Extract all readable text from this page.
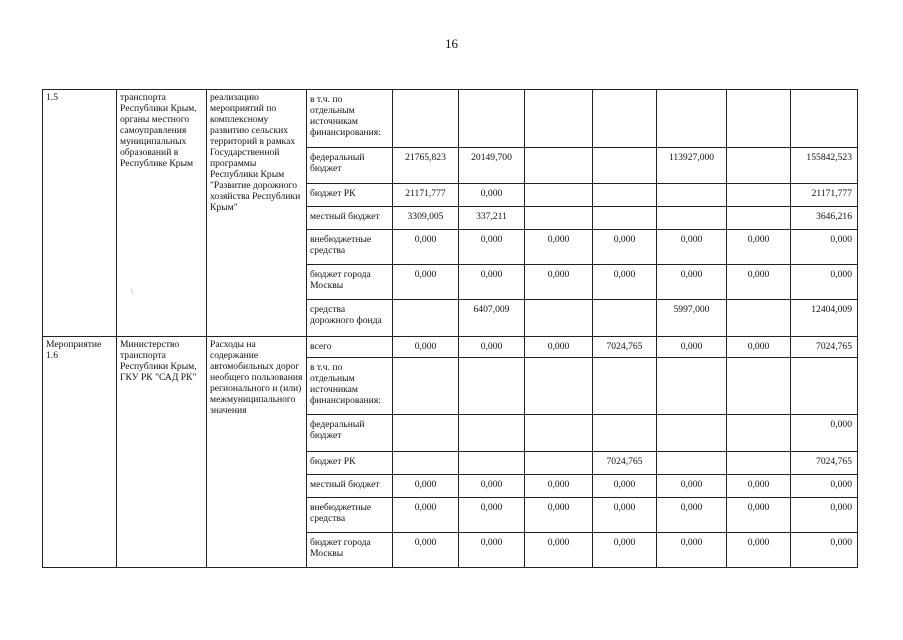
16
1.5	транспорта Республики Крым, органы местного самоуправления муниципальных образований в Республике Крым	реализацию мероприятий по комплексному развитию сельских территорий в рамках Государственной программы Республики Крым "Развитие дорожного хозяйства Республики Крым"	в т.ч. по отдельным источникам финансирования:							
			федеральный бюджет	21765,823	20149,700			113927,000		155842,523
			бюджет РК	21171,777	0,000					21171,777
			местный бюджет	3309,005	337,211					3646,216
			внебюджетные средства	0,000	0,000	0,000	0,000	0,000	0,000	0,000
			бюджет города Москвы	0,000	0,000	0,000	0,000	0,000	0,000	0,000
			средства дорожного фонда		6407,009			5997,000		12404,009
Мероприятие 1.6	Министерство транспорта Республики Крым, ГКУ РК "САД РК"	Расходы на содержание автомобильных дорог необщего пользования регионального и (или) межмуниципального значения	всего	0,000	0,000	0,000	7024,765	0,000	0,000	7024,765
			в т.ч. по отдельным источникам финансирования:							
			федеральный бюджет							0,000
			бюджет РК				7024,765			7024,765
			местный бюджет	0,000	0,000	0,000	0,000	0,000	0,000	0,000
			внебюджетные средства	0,000	0,000	0,000	0,000	0,000	0,000	0,000
			бюджет города Москвы	0,000	0,000	0,000	0,000	0,000	0,000	0,000
\
